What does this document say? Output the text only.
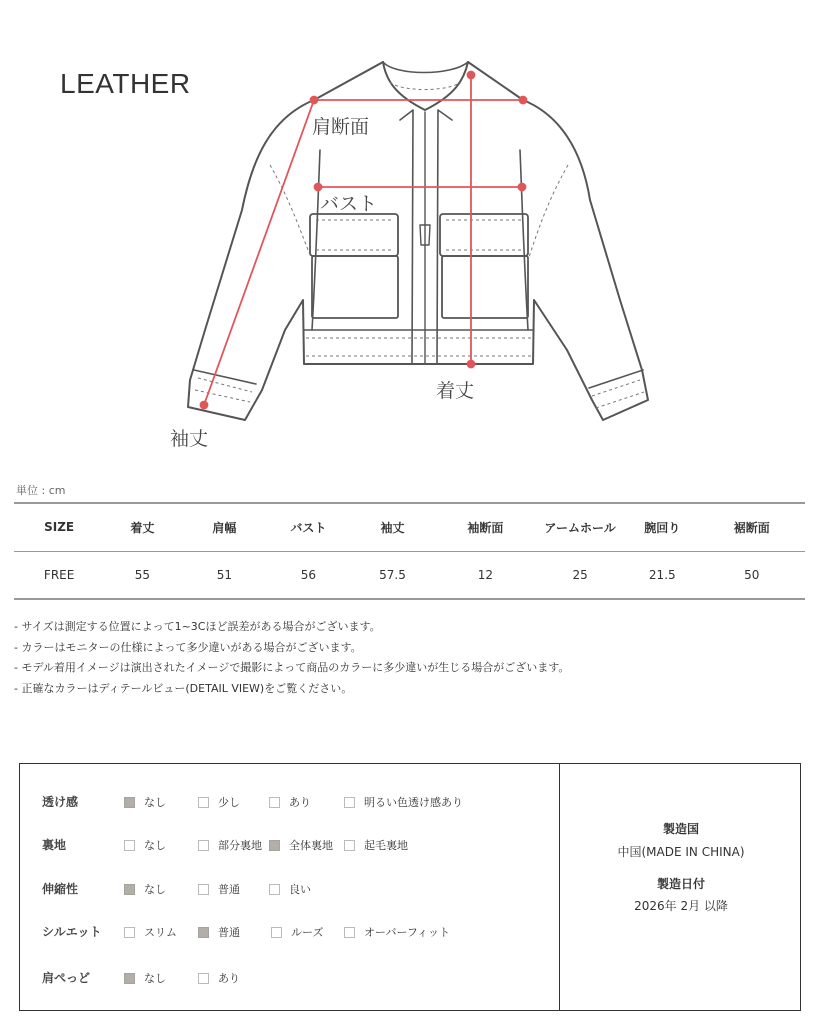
LEATHER
肩断面
バスト
着丈
袖丈
単位 : cm
SIZE	着丈	肩幅	バスト	袖丈	袖断面	アームホール	腕回り	裾断面
FREE	55	51	56	57.5	12	25	21.5	50
- サイズは測定する位置によって1~3Cほど誤差がある場合がございます。
- カラーはモニターの仕様によって多少違いがある場合がございます。
- モデル着用イメージは演出されたイメージで撮影によって商品のカラーに多少違いが生じる場合がございます。
- 正確なカラーはディテールビュー(DETAIL VIEW)をご覧ください。
透け感	なし	少し	あり	明るい色透け感あり
裏地	なし	部分裏地 全体裏地	起毛裏地
伸縮性	なし	普通	良い
シルエット	スリム	普通	ルーズ	オーバーフィット
肩ぺっど	なし	あり
製造国
中国(MADE IN CHINA)
製造日付
2026年 2月 以降
